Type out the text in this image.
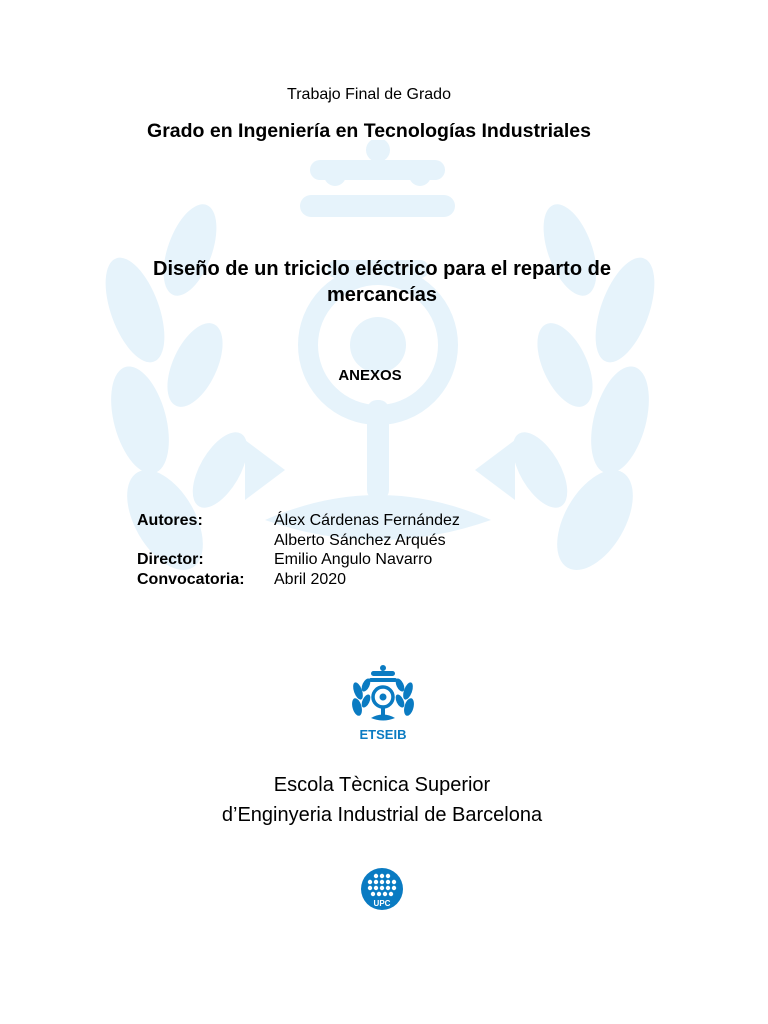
Trabajo Final de Grado
Grado en Ingeniería en Tecnologías Industriales
Diseño de un triciclo eléctrico para el reparto de
mercancías
ANEXOS
Autores:	Álex Cárdenas Fernández
Alberto Sánchez Arqués
Director:	Emilio Angulo Navarro
Convocatoria:	Abril 2020
ETSEIB
Escola Tècnica Superior
d’Enginyeria Industrial de Barcelona
UPC
